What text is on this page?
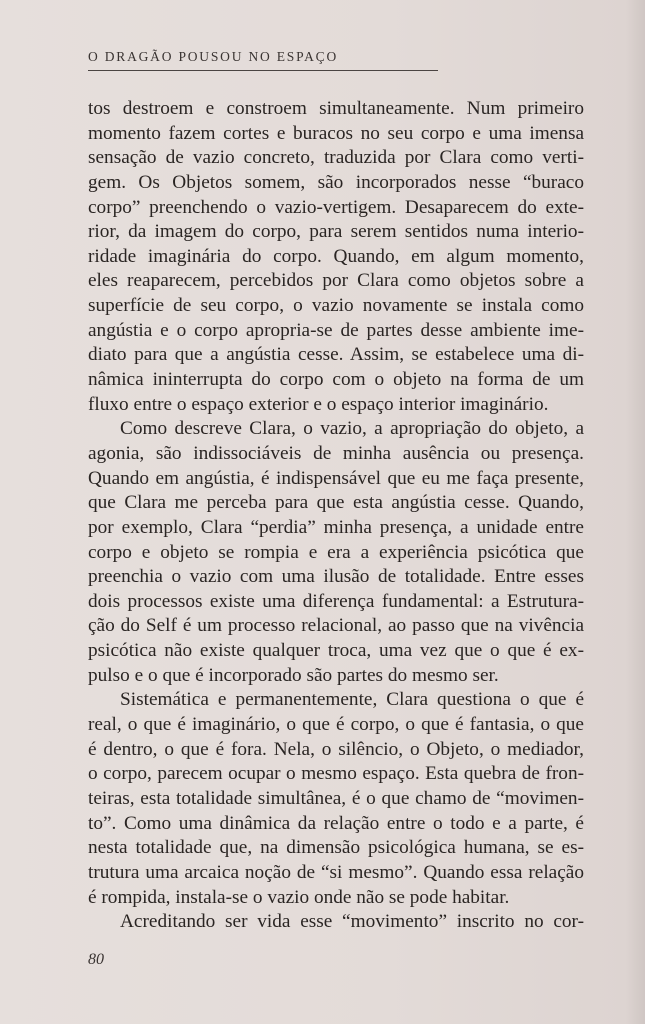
O DRAGÃO POUSOU NO ESPAÇO
tos destroem e constroem simultaneamente. Num primeiro
momento fazem cortes e buracos no seu corpo e uma imensa
sensação de vazio concreto, traduzida por Clara como verti-
gem. Os Objetos somem, são incorporados nesse “buraco
corpo” preenchendo o vazio-vertigem. Desaparecem do exte-
rior, da imagem do corpo, para serem sentidos numa interio-
ridade imaginária do corpo. Quando, em algum momento,
eles reaparecem, percebidos por Clara como objetos sobre a
superfície de seu corpo, o vazio novamente se instala como
angústia e o corpo apropria-se de partes desse ambiente ime-
diato para que a angústia cesse. Assim, se estabelece uma di-
nâmica ininterrupta do corpo com o objeto na forma de um
fluxo entre o espaço exterior e o espaço interior imaginário.
Como descreve Clara, o vazio, a apropriação do objeto, a
agonia, são indissociáveis de minha ausência ou presença.
Quando em angústia, é indispensável que eu me faça presente,
que Clara me perceba para que esta angústia cesse. Quando,
por exemplo, Clara “perdia” minha presença, a unidade entre
corpo e objeto se rompia e era a experiência psicótica que
preenchia o vazio com uma ilusão de totalidade. Entre esses
dois processos existe uma diferença fundamental: a Estrutura-
ção do Self é um processo relacional, ao passo que na vivência
psicótica não existe qualquer troca, uma vez que o que é ex-
pulso e o que é incorporado são partes do mesmo ser.
Sistemática e permanentemente, Clara questiona o que é
real, o que é imaginário, o que é corpo, o que é fantasia, o que
é dentro, o que é fora. Nela, o silêncio, o Objeto, o mediador,
o corpo, parecem ocupar o mesmo espaço. Esta quebra de fron-
teiras, esta totalidade simultânea, é o que chamo de “movimen-
to”. Como uma dinâmica da relação entre o todo e a parte, é
nesta totalidade que, na dimensão psicológica humana, se es-
trutura uma arcaica noção de “si mesmo”. Quando essa relação
é rompida, instala-se o vazio onde não se pode habitar.
Acreditando ser vida esse “movimento” inscrito no cor-
80
